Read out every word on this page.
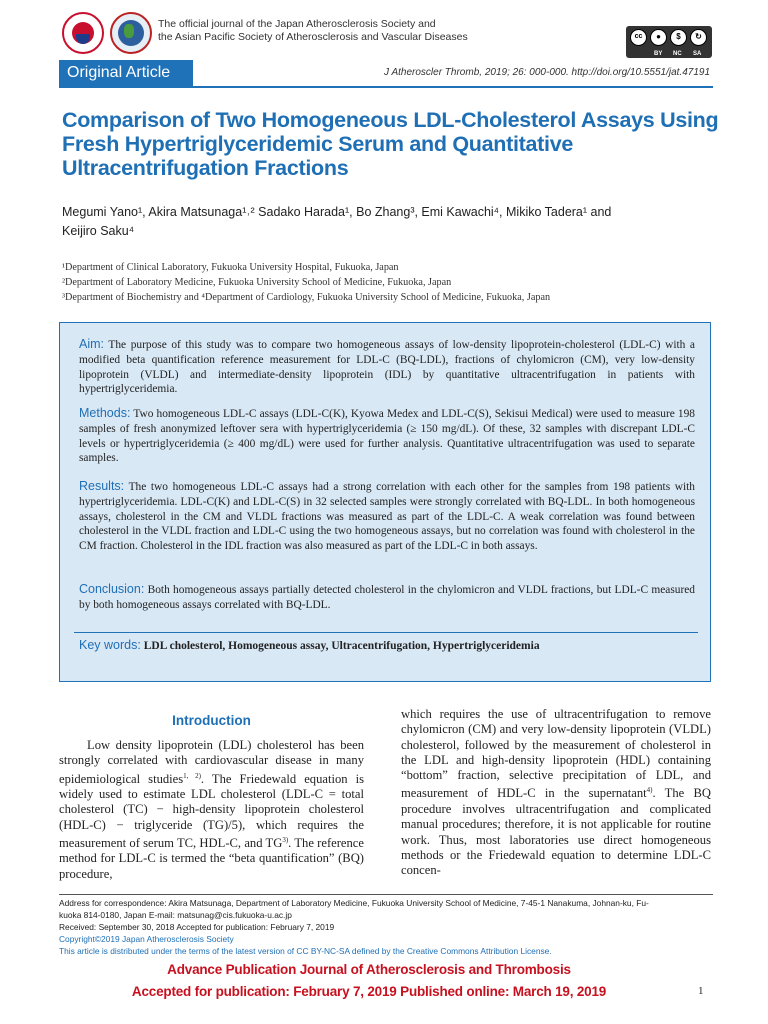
The official journal of the Japan Atherosclerosis Society and
the Asian Pacific Society of Atherosclerosis and Vascular Diseases	cc	●	$	↻
BY NC SA
Original Article	J Atheroscler Thromb, 2019; 26: 000-000. http://doi.org/10.5551/jat.47191
Comparison of Two Homogeneous LDL-Cholesterol Assays Using Fresh Hypertriglyceridemic Serum and Quantitative Ultracentrifugation Fractions
Megumi Yano¹, Akira Matsunaga¹˒² Sadako Harada¹, Bo Zhang³, Emi Kawachi⁴, Mikiko Tadera¹ and
Keijiro Saku⁴
¹Department of Clinical Laboratory, Fukuoka University Hospital, Fukuoka, Japan
²Department of Laboratory Medicine, Fukuoka University School of Medicine, Fukuoka, Japan
³Department of Biochemistry and ⁴Department of Cardiology, Fukuoka University School of Medicine, Fukuoka, Japan
Aim: The purpose of this study was to compare two homogeneous assays of low-density lipoprotein-cholesterol (LDL-C) with a modified beta quantification reference measurement for LDL-C (BQ-LDL), fractions of chylomicron (CM), very low-density lipoprotein (VLDL) and intermediate-density lipoprotein (IDL) by quantitative ultracentrifugation in patients with hypertriglyceridemia.
Methods: Two homogeneous LDL-C assays (LDL-C(K), Kyowa Medex and LDL-C(S), Sekisui Medical) were used to measure 198 samples of fresh anonymized leftover sera with hypertriglyceridemia (≥ 150 mg/dL). Of these, 32 samples with discrepant LDL-C levels or hypertriglyceridemia (≥ 400 mg/dL) were used for further analysis. Quantitative ultracentrifugation was used to separate samples.
Results: The two homogeneous LDL-C assays had a strong correlation with each other for the samples from 198 patients with hypertriglyceridemia. LDL-C(K) and LDL-C(S) in 32 selected samples were strongly correlated with BQ-LDL. In both homogeneous assays, cholesterol in the CM and VLDL fractions was measured as part of the LDL-C. A weak correlation was found between cholesterol in the VLDL fraction and LDL-C using the two homogeneous assays, but no correlation was found with cholesterol in the CM fraction. Cholesterol in the IDL fraction was also measured as part of the LDL-C in both assays.
Conclusion: Both homogeneous assays partially detected cholesterol in the chylomicron and VLDL fractions, but LDL-C measured by both homogeneous assays correlated with BQ-LDL.
Key words: LDL cholesterol, Homogeneous assay, Ultracentrifugation, Hypertriglyceridemia
Introduction

Low density lipoprotein (LDL) cholesterol has been strongly correlated with cardiovascular disease in many epidemiological studies$^{1, 2)}$. The Friedewald equation is widely used to estimate LDL cholesterol (LDL-C = total cholesterol (TC) − high-density lipoprotein cholesterol (HDL-C) − triglyceride (TG)/5), which requires the measurement of serum TC, HDL-C, and TG$^{3)}$. The reference method for LDL-C is termed the “beta quantification” (BQ) procedure,

which requires the use of ultracentrifugation to remove chylomicron (CM) and very low-density lipoprotein (VLDL) cholesterol, followed by the measurement of cholesterol in the LDL and high-density lipoprotein (HDL) containing “bottom” fraction, selective precipitation of LDL, and measurement of HDL-C in the supernatant$^{4)}$. The BQ procedure involves ultracentrifugation and complicated manual procedures; therefore, it is not applicable for routine work. Thus, most laboratories use direct homogeneous methods or the Friedewald equation to determine LDL-C concen-

Address for correspondence: Akira Matsunaga, Department of Laboratory Medicine, Fukuoka University School of Medicine, 7-45-1 Nanakuma, Johnan-ku, Fu-
kuoka 814-0180, Japan E-mail: matsunag@cis.fukuoka-u.ac.jp
Received: September 30, 2018 Accepted for publication: February 7, 2019
Copyright©2019 Japan Atherosclerosis Society
This article is distributed under the terms of the latest version of CC BY-NC-SA defined by the Creative Commons Attribution License.
Advance Publication Journal of Atherosclerosis and Thrombosis
Accepted for publication: February 7, 2019 Published online: March 19, 2019	1
